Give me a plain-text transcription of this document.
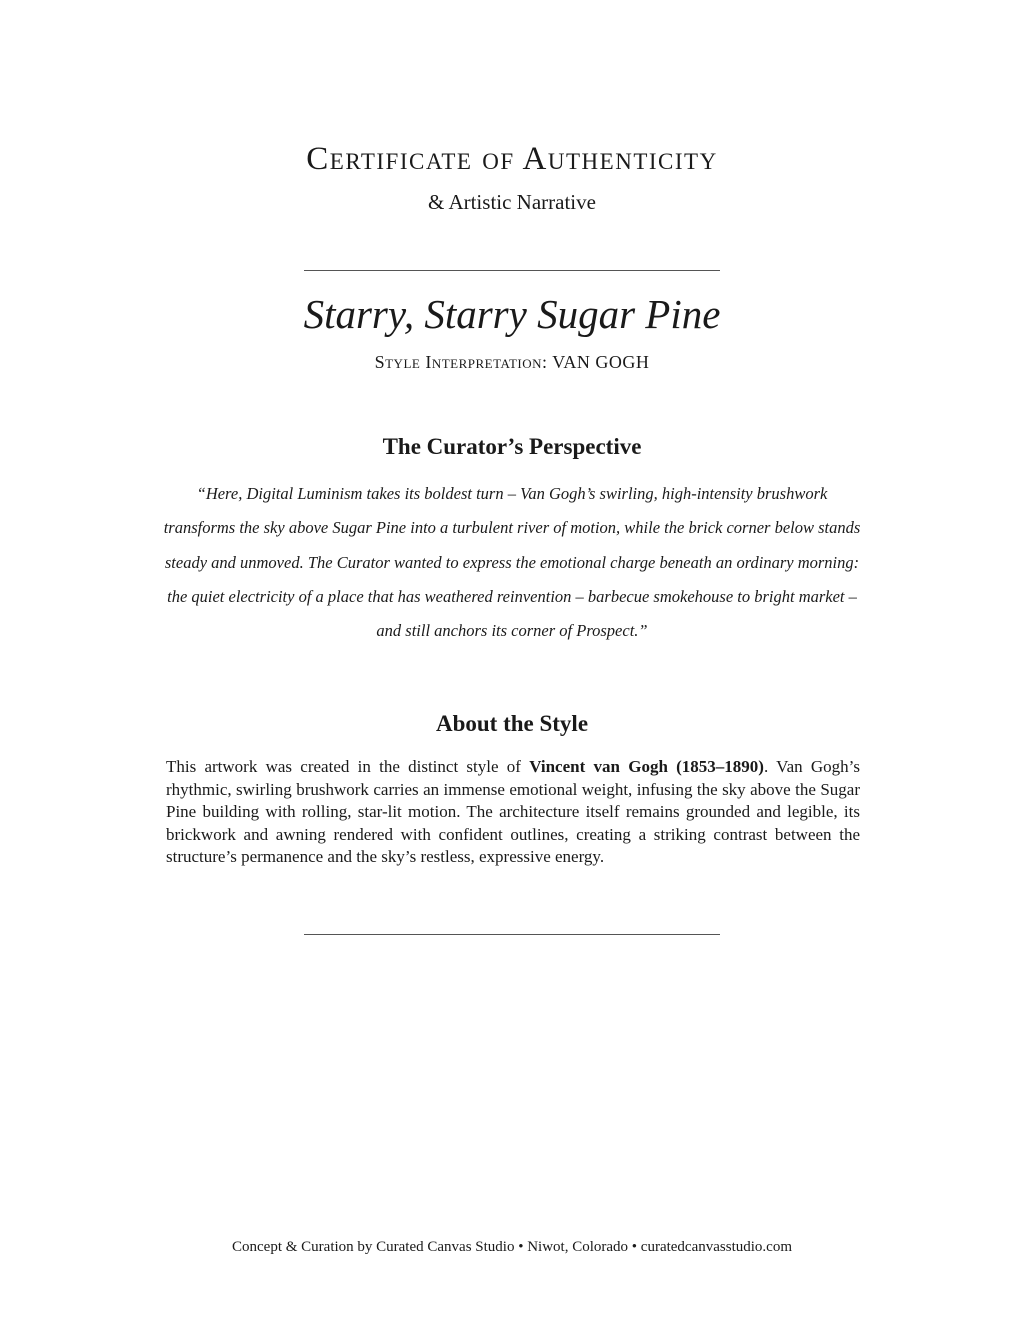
Certificate of Authenticity

& Artistic Narrative

Starry, Starry Sugar Pine

Style Interpretation: VAN GOGH

The Curator’s Perspective

“Here, Digital Luminism takes its boldest turn – Van Gogh’s swirling, high-intensity brushwork transforms the sky above Sugar Pine into a turbulent river of motion, while the brick corner below stands steady and unmoved. The Curator wanted to express the emotional charge beneath an ordinary morning: the quiet electricity of a place that has weathered reinvention – barbecue smokehouse to bright market – and still anchors its corner of Prospect.”

About the Style

This artwork was created in the distinct style of Vincent van Gogh (1853–1890). Van Gogh’s rhythmic, swirling brushwork carries an immense emotional weight, infusing the sky above the Sugar Pine building with rolling, star-lit motion. The architecture itself remains grounded and legible, its brickwork and awning rendered with confident outlines, creating a striking contrast between the structure’s permanence and the sky’s restless, expressive energy.

Concept & Curation by Curated Canvas Studio • Niwot, Colorado • curatedcanvasstudio.com
